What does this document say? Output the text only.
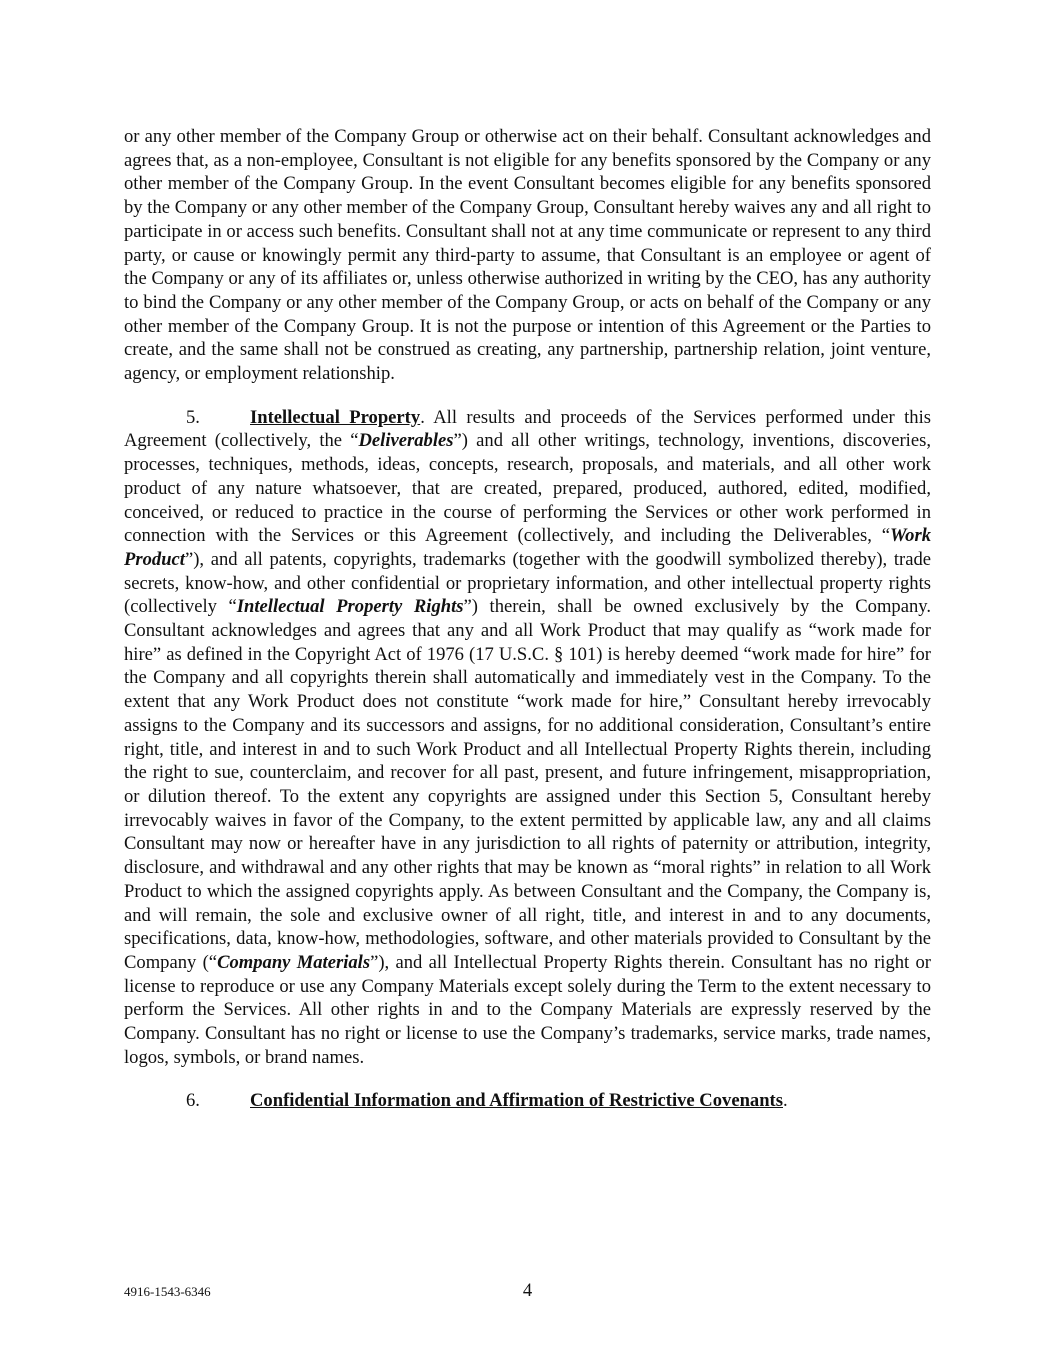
or any other member of the Company Group or otherwise act on their behalf. Consultant acknowledges and agrees that, as a non-employee, Consultant is not eligible for any benefits sponsored by the Company or any other member of the Company Group. In the event Consultant becomes eligible for any benefits sponsored by the Company or any other member of the Company Group, Consultant hereby waives any and all right to participate in or access such benefits. Consultant shall not at any time communicate or represent to any third party, or cause or knowingly permit any third-party to assume, that Consultant is an employee or agent of the Company or any of its affiliates or, unless otherwise authorized in writing by the CEO, has any authority to bind the Company or any other member of the Company Group, or acts on behalf of the Company or any other member of the Company Group. It is not the purpose or intention of this Agreement or the Parties to create, and the same shall not be construed as creating, any partnership, partnership relation, joint venture, agency, or employment relationship.

5.	Intellectual Property. All results and proceeds of the Services performed under this Agreement (collectively, the “Deliverables”) and all other writings, technology, inventions, discoveries, processes, techniques, methods, ideas, concepts, research, proposals, and materials, and all other work product of any nature whatsoever, that are created, prepared, produced, authored, edited, modified, conceived, or reduced to practice in the course of performing the Services or other work performed in connection with the Services or this Agreement (collectively, and including the Deliverables, “Work Product”), and all patents, copyrights, trademarks (together with the goodwill symbolized thereby), trade secrets, know-how, and other confidential or proprietary information, and other intellectual property rights (collectively “Intellectual Property Rights”) therein, shall be owned exclusively by the Company. Consultant acknowledges and agrees that any and all Work Product that may qualify as “work made for hire” as defined in the Copyright Act of 1976 (17 U.S.C. § 101) is hereby deemed “work made for hire” for the Company and all copyrights therein shall automatically and immediately vest in the Company. To the extent that any Work Product does not constitute “work made for hire,” Consultant hereby irrevocably assigns to the Company and its successors and assigns, for no additional consideration, Consultant’s entire right, title, and interest in and to such Work Product and all Intellectual Property Rights therein, including the right to sue, counterclaim, and recover for all past, present, and future infringement, misappropriation, or dilution thereof. To the extent any copyrights are assigned under this Section 5, Consultant hereby irrevocably waives in favor of the Company, to the extent permitted by applicable law, any and all claims Consultant may now or hereafter have in any jurisdiction to all rights of paternity or attribution, integrity, disclosure, and withdrawal and any other rights that may be known as “moral rights” in relation to all Work Product to which the assigned copyrights apply. As between Consultant and the Company, the Company is, and will remain, the sole and exclusive owner of all right, title, and interest in and to any documents, specifications, data, know-how, methodologies, software, and other materials provided to Consultant by the Company (“Company Materials”), and all Intellectual Property Rights therein. Consultant has no right or license to reproduce or use any Company Materials except solely during the Term to the extent necessary to perform the Services. All other rights in and to the Company Materials are expressly reserved by the Company. Consultant has no right or license to use the Company’s trademarks, service marks, trade names, logos, symbols, or brand names.

6.	Confidential Information and Affirmation of Restrictive Covenants.

4916-1543-6346	4
